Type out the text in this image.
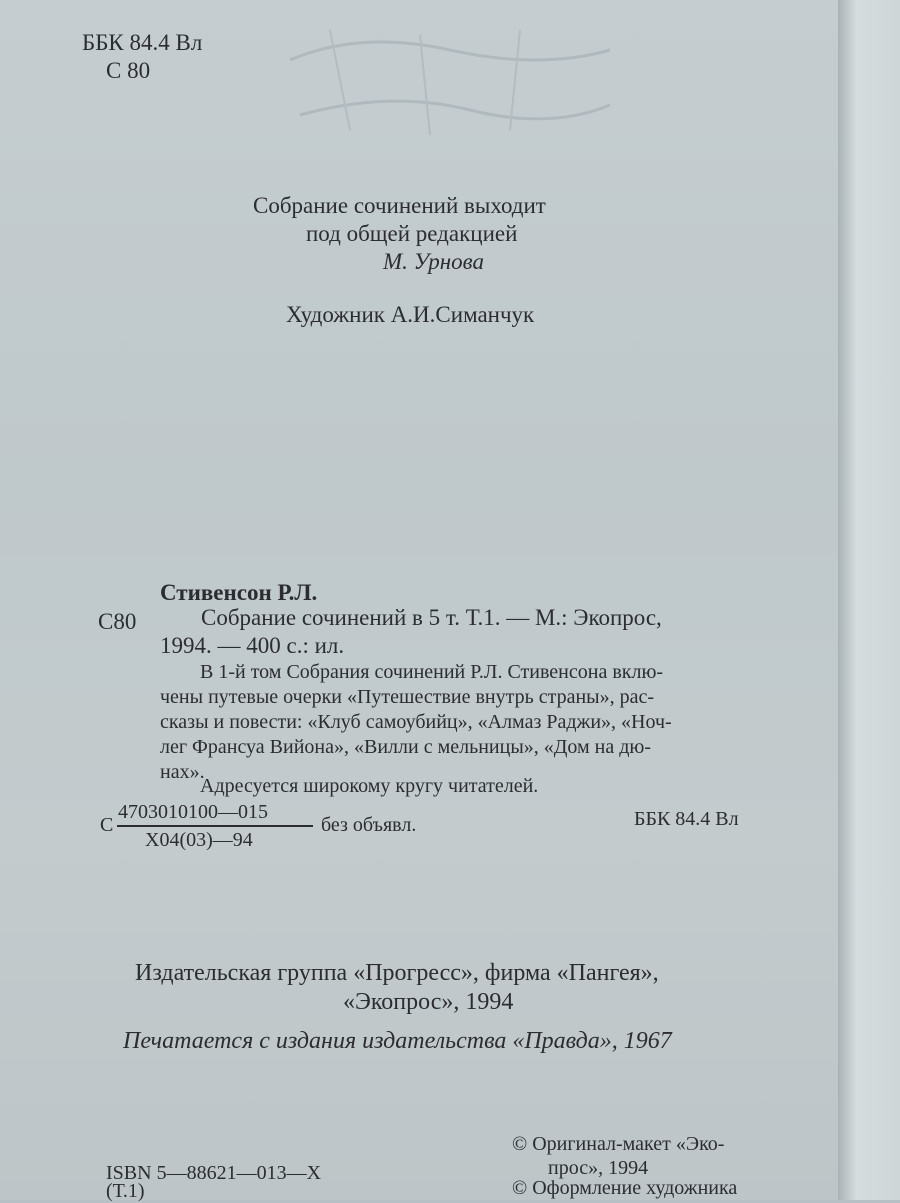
ББК 84.4 Вл
С 80
Собрание сочинений выходит
под общей редакцией
М. Урнова
Художник А.И.Симанчук
Стивенсон Р.Л.
С80	Собрание сочинений в 5 т. Т.1. — М.: Экопрос,
1994. — 400 с.: ил.
В 1-й том Собрания сочинений Р.Л. Стивенсона вклю-
чены путевые очерки «Путешествие внутрь страны», рас-
сказы и повести: «Клуб самоубийц», «Алмаз Раджи», «Ноч-
лег Франсуа Вийона», «Вилли с мельницы», «Дом на дю-
нах».
Адресуется широкому кругу читателей.
С
4703010100—015
Х04(03)—94
без объявл.	ББК 84.4 Вл
Издательская группа «Прогресс», фирма «Пангея»,
«Экопрос», 1994
Печатается с издания издательства «Правда», 1967
ISBN 5—88621—013—X
(Т.1)
© Оригинал-макет «Эко-
прос», 1994
© Оформление художника
